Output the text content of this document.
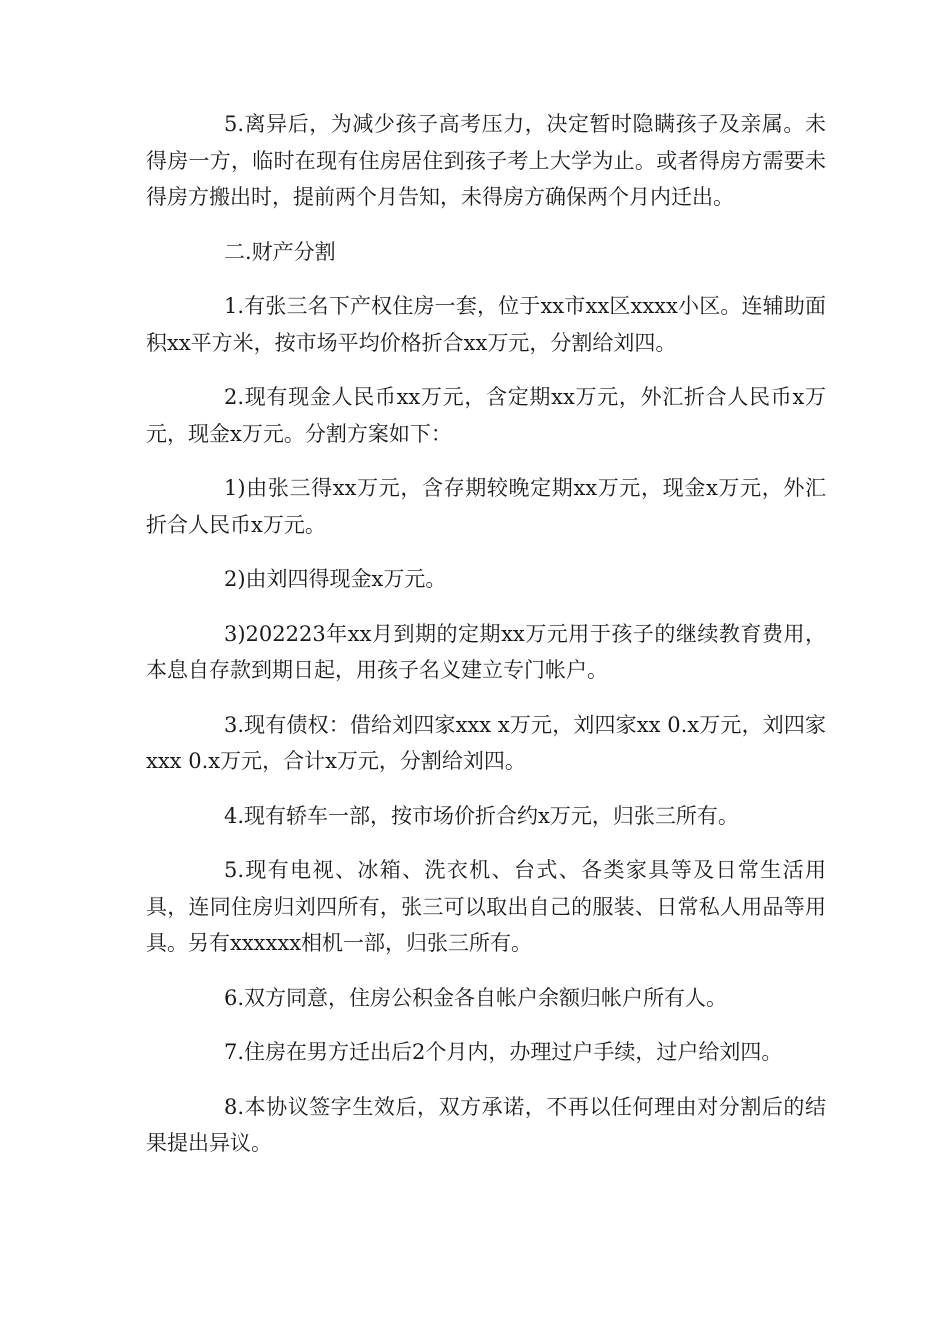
5.离异后，为减少孩子高考压力，决定暂时隐瞒孩子及亲属。未得房一方，临时在现有住房居住到孩子考上大学为止。或者得房方需要未得房方搬出时，提前两个月告知，未得房方确保两个月内迁出。

二.财产分割

1.有张三名下产权住房一套，位于xx市xx区xxxx小区。连辅助面积xx平方米，按市场平均价格折合xx万元，分割给刘四。

2.现有现金人民币xx万元，含定期xx万元，外汇折合人民币x万元，现金x万元。分割方案如下：

1)由张三得xx万元，含存期较晚定期xx万元，现金x万元，外汇折合人民币x万元。

2)由刘四得现金x万元。

3)202223年xx月到期的定期xx万元用于孩子的继续教育费用，本息自存款到期日起，用孩子名义建立专门帐户。

3.现有债权：借给刘四家xxx x万元，刘四家xx 0.x万元，刘四家xxx 0.x万元，合计x万元，分割给刘四。

4.现有轿车一部，按市场价折合约x万元，归张三所有。

5.现有电视、冰箱、洗衣机、台式、各类家具等及日常生活用具，连同住房归刘四所有，张三可以取出自己的服装、日常私人用品等用具。另有xxxxxx相机一部，归张三所有。

6.双方同意，住房公积金各自帐户余额归帐户所有人。

7.住房在男方迁出后2个月内，办理过户手续，过户给刘四。

8.本协议签字生效后，双方承诺，不再以任何理由对分割后的结果提出异议。
